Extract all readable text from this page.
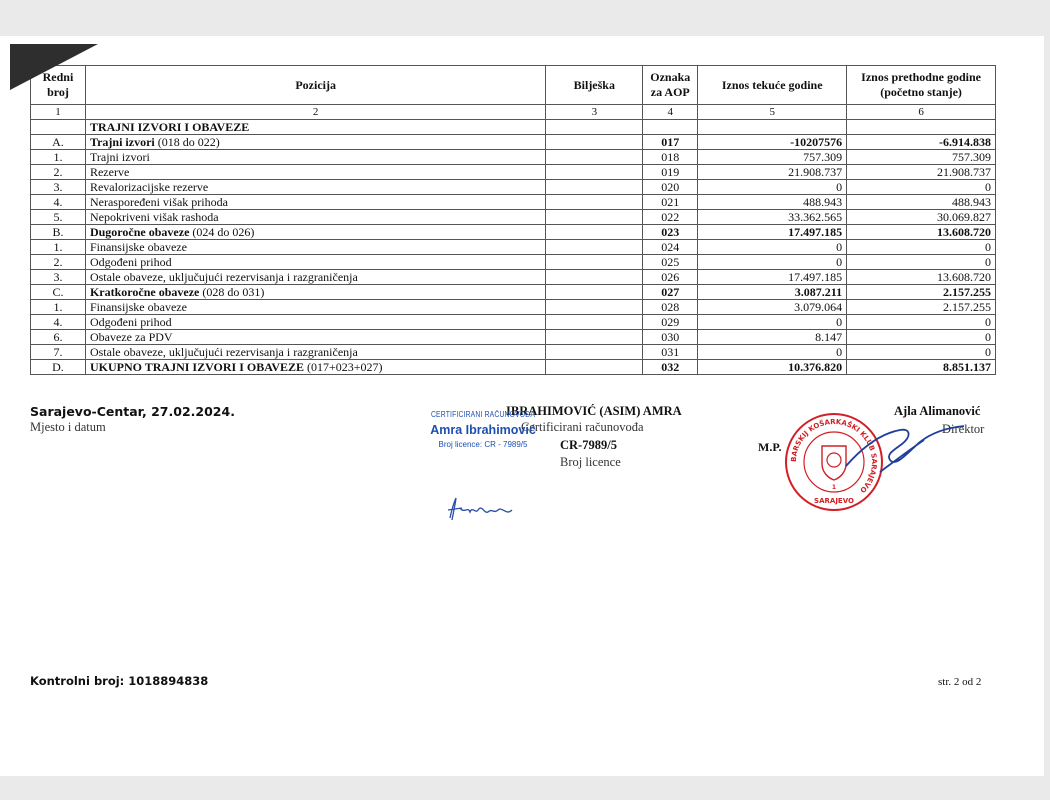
Redni broj	Pozicija	Bilješka	Oznaka za AOP	Iznos tekuće godine	Iznos prethodne godine (početno stanje)
1	2	3	4	5	6
	TRAJNI IZVORI I OBAVEZE				
A.	Trajni izvori (018 do 022)		017	-10207576	-6.914.838
1.	Trajni izvori		018	757.309	757.309
2.	Rezerve		019	21.908.737	21.908.737
3.	Revalorizacijske rezerve		020	0	0
4.	Neraspoređeni višak prihoda		021	488.943	488.943
5.	Nepokriveni višak rashoda		022	33.362.565	30.069.827
B.	Dugoročne obaveze (024 do 026)		023	17.497.185	13.608.720
1.	Finansijske obaveze		024	0	0
2.	Odgođeni prihod		025	0	0
3.	Ostale obaveze, uključujući rezervisanja i razgraničenja		026	17.497.185	13.608.720
C.	Kratkoročne obaveze (028 do 031)		027	3.087.211	2.157.255
1.	Finansijske obaveze		028	3.079.064	2.157.255
4.	Odgođeni prihod		029	0	0
6.	Obaveze za PDV		030	8.147	0
7.	Ostale obaveze, uključujući rezervisanja i razgraničenja		031	0	0
D.	UKUPNO TRAJNI IZVORI I OBAVEZE (017+023+027)		032	10.376.820	8.851.137
Sarajevo-Centar, 27.02.2024.
Mjesto i datum
IBRAHIMOVIĆ (ASIM) AMRA
Certificirani računovođa
CR-7989/5
Broj licence
Ajla Alimanović
Direktor
M.P.
Kontrolni broj: 1018894838	str. 2 od 2
CERTIFICIRANI RAČUNOVOĐA
Amra Ibrahimović
Broj licence: CR - 7989/5
BARSKIJ KOŠARKAŠKI KLUB SARAJEVO
1
SARAJEVO
